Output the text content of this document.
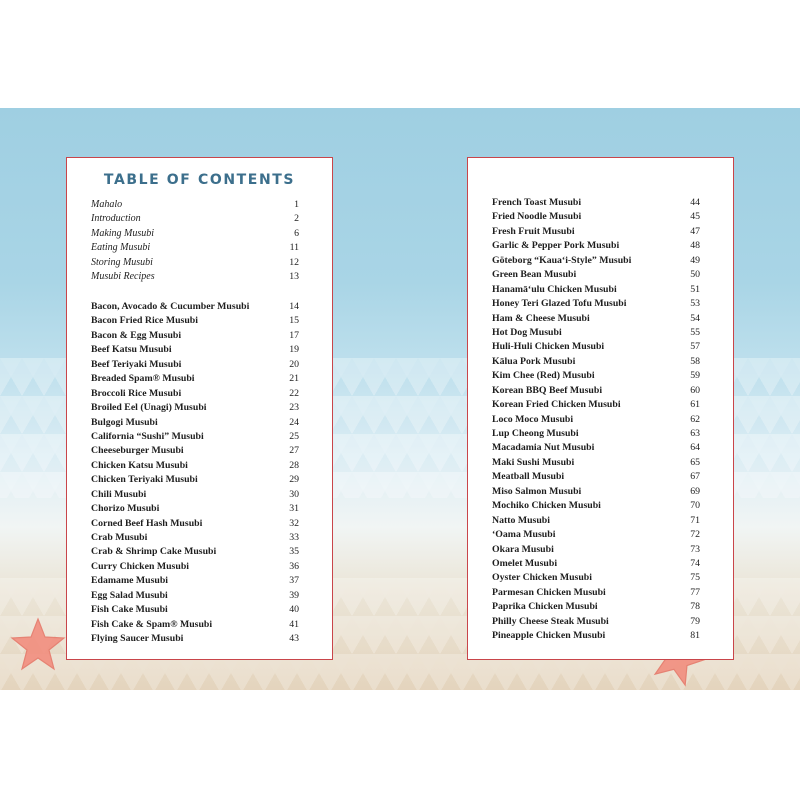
TABLE OF CONTENTS
Mahalo	1
Introduction	2
Making Musubi	6
Eating Musubi	11
Storing Musubi	12
Musubi Recipes	13
Bacon, Avocado & Cucumber Musubi	14
Bacon Fried Rice Musubi	15
Bacon & Egg Musubi	17
Beef Katsu Musubi	19
Beef Teriyaki Musubi	20
Breaded Spam® Musubi	21
Broccoli Rice Musubi	22
Broiled Eel (Unagi) Musubi	23
Bulgogi Musubi	24
California “Sushi” Musubi	25
Cheeseburger Musubi	27
Chicken Katsu Musubi	28
Chicken Teriyaki Musubi	29
Chili Musubi	30
Chorizo Musubi	31
Corned Beef Hash Musubi	32
Crab Musubi	33
Crab & Shrimp Cake Musubi	35
Curry Chicken Musubi	36
Edamame Musubi	37
Egg Salad Musubi	39
Fish Cake Musubi	40
Fish Cake & Spam® Musubi	41
Flying Saucer Musubi	43
French Toast Musubi	44
Fried Noodle Musubi	45
Fresh Fruit Musubi	47
Garlic & Pepper Pork Musubi	48
Göteborg “Kaua‘i-Style” Musubi	49
Green Bean Musubi	50
Hanamā‘ulu Chicken Musubi	51
Honey Teri Glazed Tofu Musubi	53
Ham & Cheese Musubi	54
Hot Dog Musubi	55
Huli-Huli Chicken Musubi	57
Kālua Pork Musubi	58
Kim Chee (Red) Musubi	59
Korean BBQ Beef Musubi	60
Korean Fried Chicken Musubi	61
Loco Moco Musubi	62
Lup Cheong Musubi	63
Macadamia Nut Musubi	64
Maki Sushi Musubi	65
Meatball Musubi	67
Miso Salmon Musubi	69
Mochiko Chicken Musubi	70
Natto Musubi	71
‘Oama Musubi	72
Okara Musubi	73
Omelet Musubi	74
Oyster Chicken Musubi	75
Parmesan Chicken Musubi	77
Paprika Chicken Musubi	78
Philly Cheese Steak Musubi	79
Pineapple Chicken Musubi	81
